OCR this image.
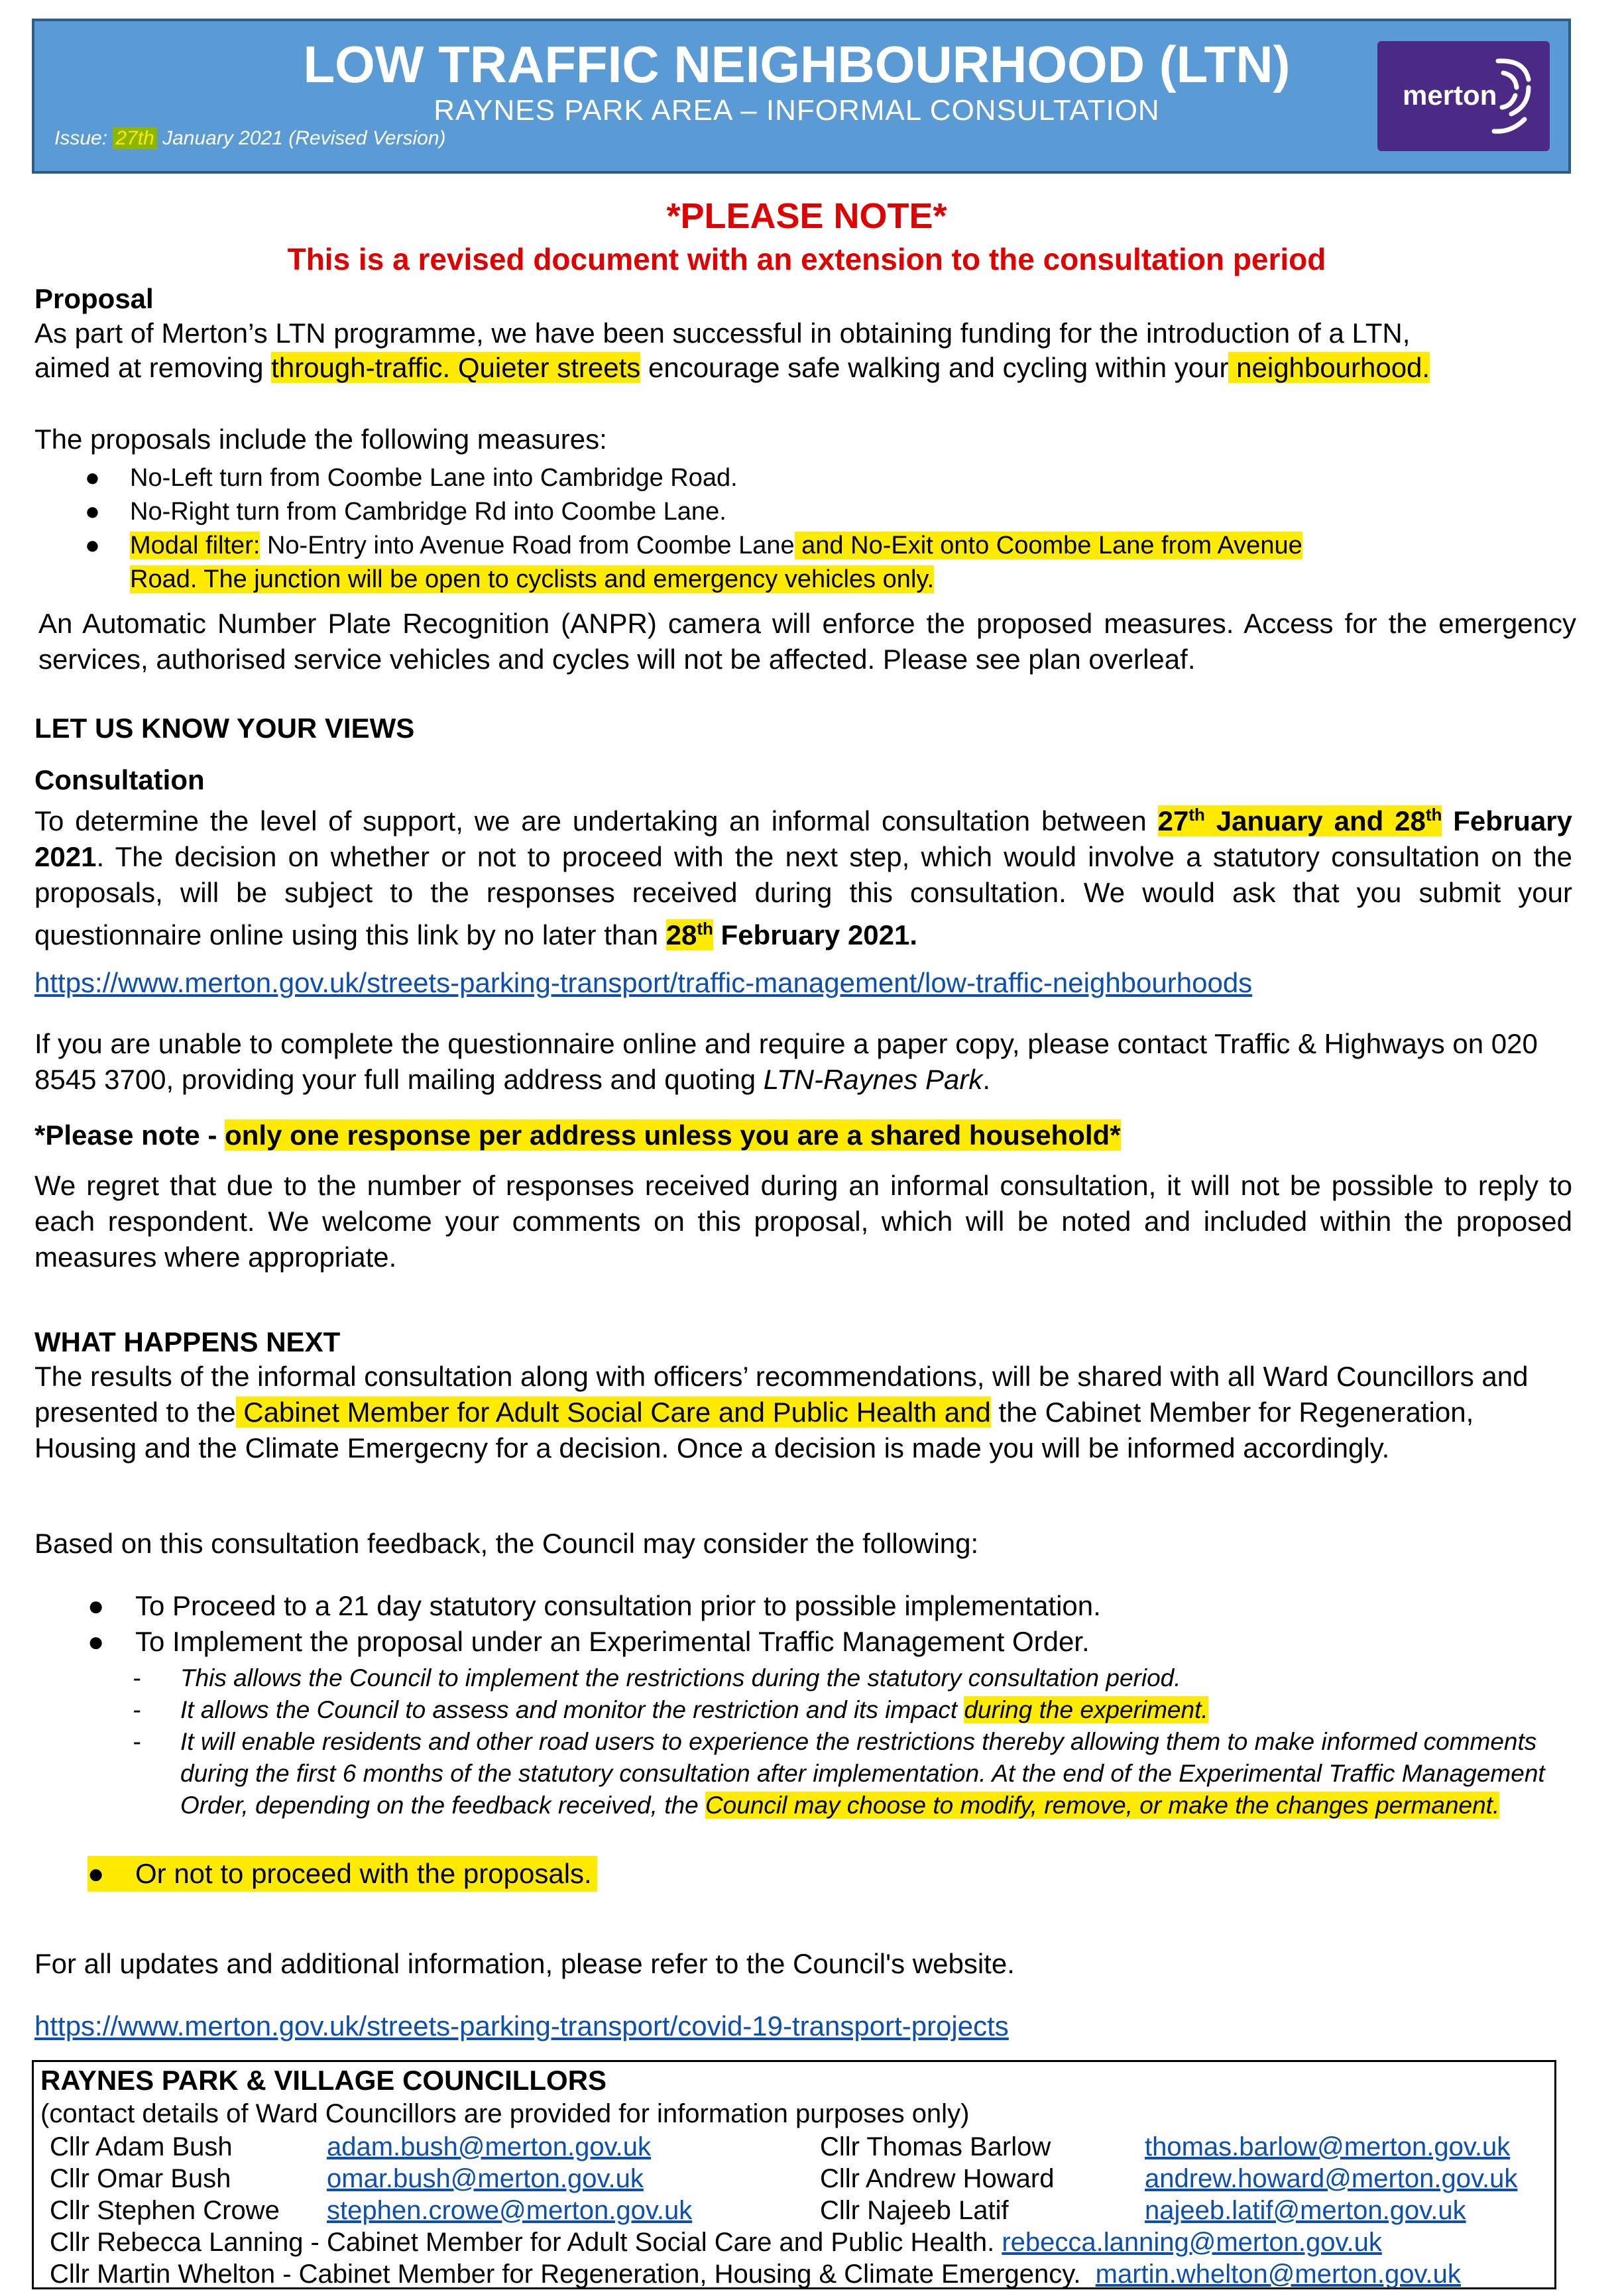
LOW TRAFFIC NEIGHBOURHOOD (LTN)
RAYNES PARK AREA – INFORMAL CONSULTATION
Issue: 27th January 2021 (Revised Version)
merton
*PLEASE NOTE*
This is a revised document with an extension to the consultation period
Proposal
As part of Merton’s LTN programme, we have been successful in obtaining funding for the introduction of a LTN,
aimed at removing through-traffic. Quieter streets encourage safe walking and cycling within your neighbourhood.
The proposals include the following measures:
● No-Left turn from Coombe Lane into Cambridge Road.
● No-Right turn from Cambridge Rd into Coombe Lane.
● Modal filter: No-Entry into Avenue Road from Coombe Lane and No-Exit onto Coombe Lane from Avenue
Road. The junction will be open to cyclists and emergency vehicles only.
An Automatic Number Plate Recognition (ANPR) camera will enforce the proposed measures. Access for the emergency services, authorised service vehicles and cycles will not be affected. Please see plan overleaf.
LET US KNOW YOUR VIEWS
Consultation
To determine the level of support, we are undertaking an informal consultation between 27th January and 28th February 2021. The decision on whether or not to proceed with the next step, which would involve a statutory consultation on the proposals, will be subject to the responses received during this consultation. We would ask that you submit your questionnaire online using this link by no later than 28th February 2021.
https://www.merton.gov.uk/streets-parking-transport/traffic-management/low-traffic-neighbourhoods
If you are unable to complete the questionnaire online and require a paper copy, please contact Traffic & Highways on 020 8545 3700, providing your full mailing address and quoting LTN-Raynes Park.
*Please note - only one response per address unless you are a shared household*
We regret that due to the number of responses received during an informal consultation, it will not be possible to reply to each respondent. We welcome your comments on this proposal, which will be noted and included within the proposed measures where appropriate.
WHAT HAPPENS NEXT
The results of the informal consultation along with officers’ recommendations, will be shared with all Ward Councillors and presented to the Cabinet Member for Adult Social Care and Public Health and the Cabinet Member for Regeneration, Housing and the Climate Emergecny for a decision. Once a decision is made you will be informed accordingly.
Based on this consultation feedback, the Council may consider the following:
●	To Proceed to a 21 day statutory consultation prior to possible implementation.
●	To Implement the proposal under an Experimental Traffic Management Order.
- This allows the Council to implement the restrictions during the statutory consultation period.
- It allows the Council to assess and monitor the restriction and its impact during the experiment.
- It will enable residents and other road users to experience the restrictions thereby allowing them to make informed comments during the first 6 months of the statutory consultation after implementation. At the end of the Experimental Traffic Management Order, depending on the feedback received, the Council may choose to modify, remove, or make the changes permanent.
● Or not to proceed with the proposals.
For all updates and additional information, please refer to the Council's website.
https://www.merton.gov.uk/streets-parking-transport/covid-19-transport-projects
RAYNES PARK & VILLAGE COUNCILLORS
(contact details of Ward Councillors are provided for information purposes only)
Cllr Adam Bush	adam.bush@merton.gov.uk	Cllr Thomas Barlow	thomas.barlow@merton.gov.uk
Cllr Omar Bush	omar.bush@merton.gov.uk	Cllr Andrew Howard	andrew.howard@merton.gov.uk
Cllr Stephen Crowe stephen.crowe@merton.gov.uk	Cllr Najeeb Latif	najeeb.latif@merton.gov.uk
Cllr Rebecca Lanning - Cabinet Member for Adult Social Care and Public Health. rebecca.lanning@merton.gov.uk
Cllr Martin Whelton - Cabinet Member for Regeneration, Housing & Climate Emergency. martin.whelton@merton.gov.uk
